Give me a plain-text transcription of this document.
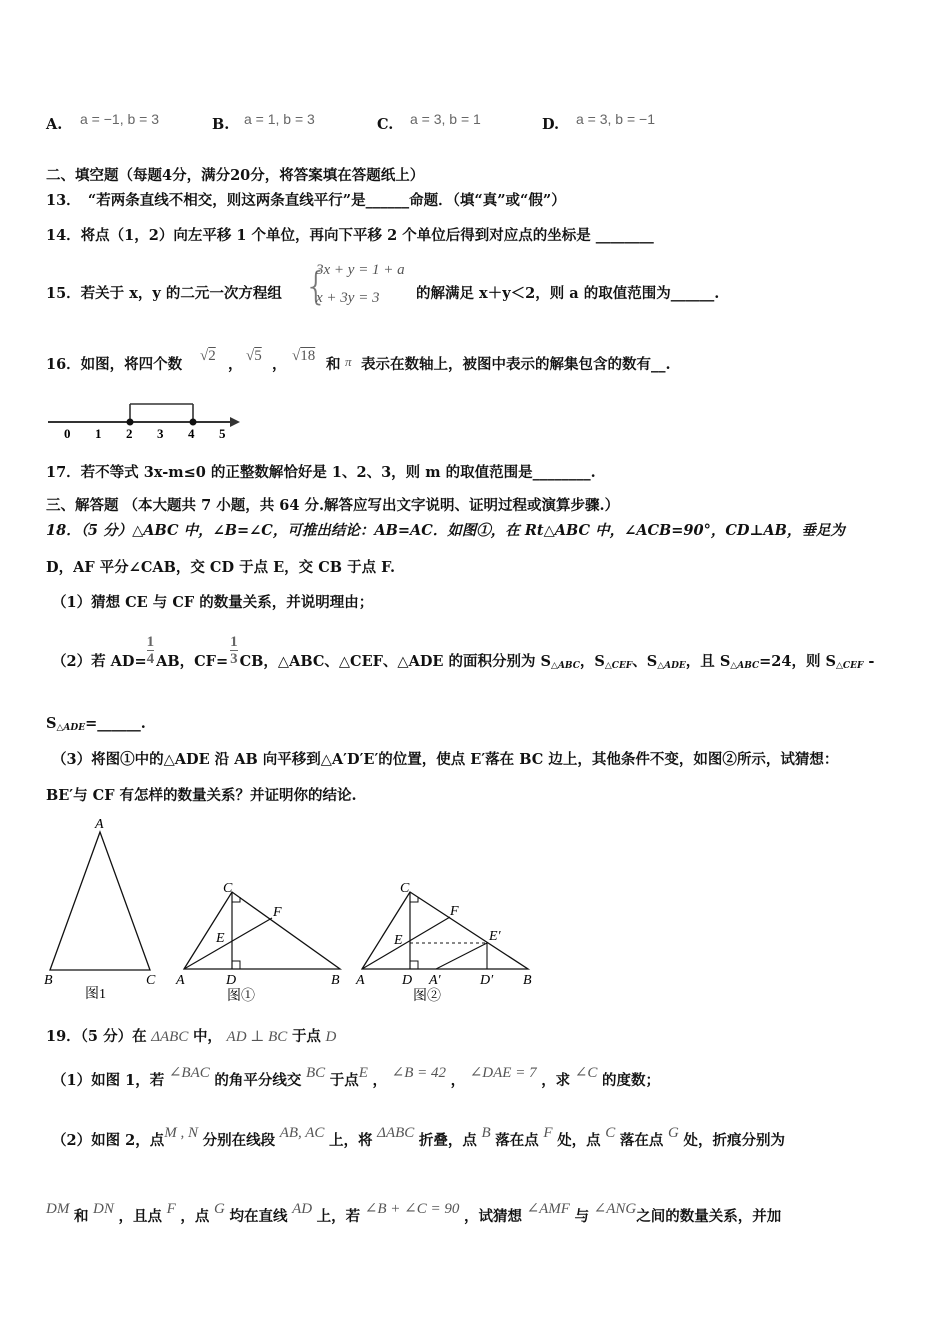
A. a = −1, b = 3	B. a = 1, b = 3	C. a = 3, b = 1	D. a = 3, b = −1
二、填空题（每题4分，满分20分，将答案填在答题纸上）
13．　“若两条直线不相交，则这两条直线平行”是______命题．（填“真”或“假”）
14．将点（1，2）向左平移 1 个单位，再向下平移 2 个单位后得到对应点的坐标是 ________
15．若关于 x，y 的二元一次方程组 {
3x + y = 1 + a
x + 3y = 3	的解满足 x＋y＜2，则 a 的取值范围为______.
16．如图，将四个数 √2 ， √5 ， √18 和 π 表示在数轴上，被图中表示的解集包含的数有__.
0 1 2 3 4 5
17．若不等式 3x-m≤0 的正整数解恰好是 1、2、3，则 m 的取值范围是________.
三、解答题 （本大题共 7 小题，共 64 分.解答应写出文字说明、证明过程或演算步骤.）
18．（5 分）△ABC 中，∠B=∠C，可推出结论：AB=AC．如图①，在 Rt△ABC 中，∠ACB=90°，CD⊥AB，垂足为
D，AF 平分∠CAB，交 CD 于点 E，交 CB 于点 F.
（1）猜想 CE 与 CF 的数量关系，并说明理由；
（2）若 $AD= \frac{1}{4}$ AB，$CF= \frac{1}{3}$ CB，△ABC、△CEF、△ADE 的面积分别为 $S_{\triangle ABC}$，$S_{\triangle CEF}$、$S_{\triangle ADE}$，且 $S_{\triangle ABC}=24$，则 $S_{\triangle CEF}$ -
$S_{\triangle ADE}=\_\_\_\_\_\_$.
（3）将图①中的△ADE 沿 AB 向平移到△A′D′E′的位置，使点 E′落在 BC 边上，其他条件不变，如图②所示，试猜想：
BE′与 CF 有怎样的数量关系？并证明你的结论.
A
B	C
图1
C
F
E
A	D	B
图①
C
F
E	E′
A	D A′	D′ B
图②
19．（5 分）在 ΔABC 中， AD ⊥ BC 于点 D
（1）如图 1，若 ∠BAC 的角平分线交 BC 于点E ， ∠B = 42 ， ∠DAE = 7 ，求 ∠C 的度数；
（2）如图 2，点M , N 分别在线段 AB, AC 上，将 ΔABC 折叠，点 B 落在点 F 处，点 C 落在点 G 处，折痕分别为
DM 和 DN ，且点 F ，点 G 均在直线 AD 上，若 ∠B + ∠C = 90 ，试猜想 ∠AMF 与 ∠ANG之间的数量关系，并加
